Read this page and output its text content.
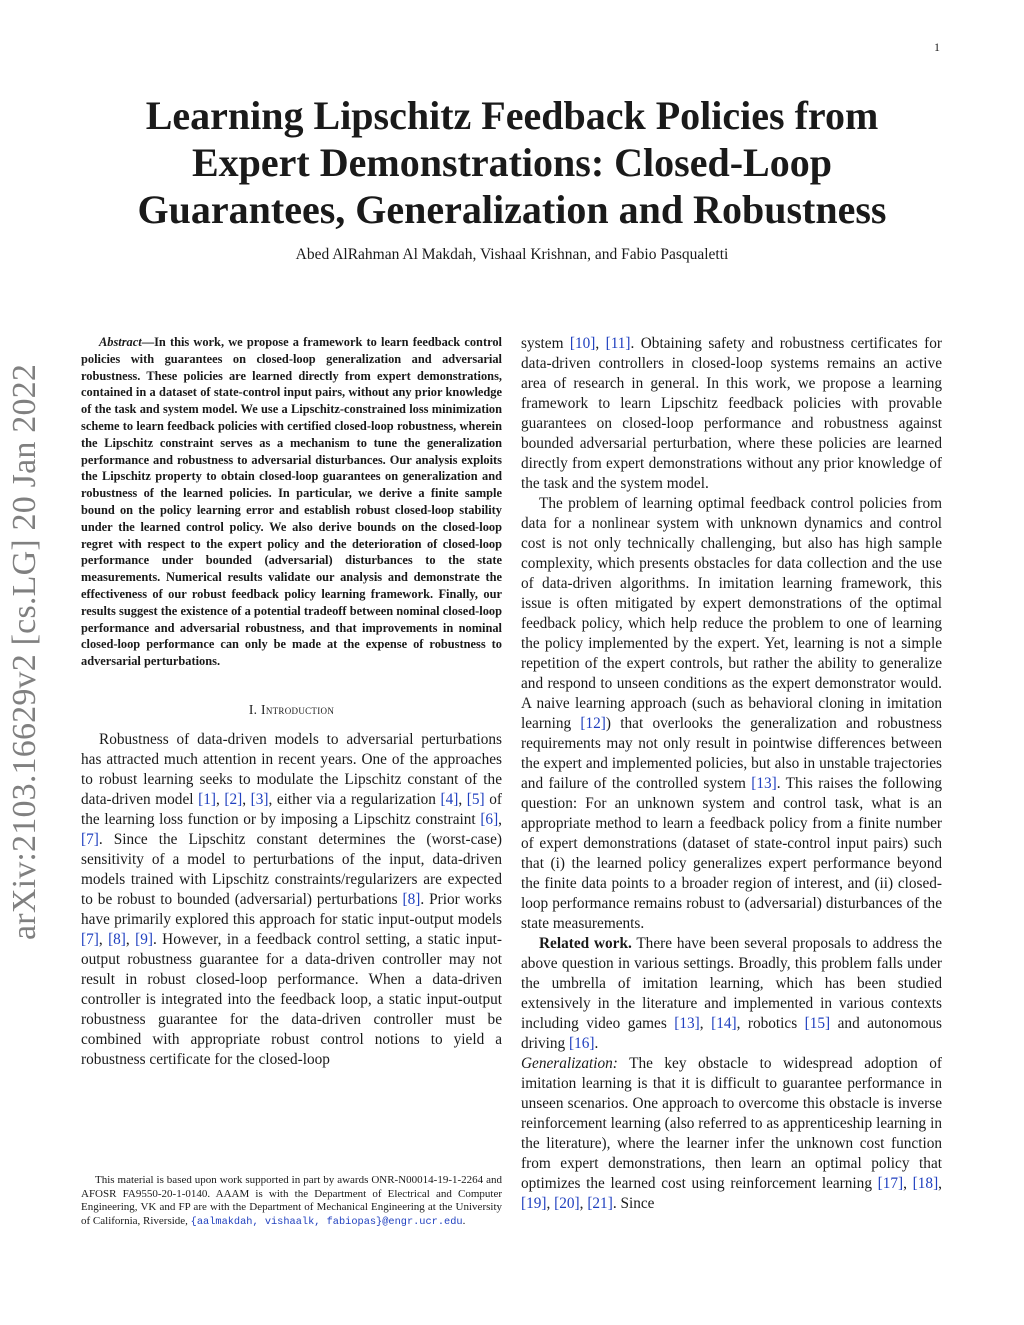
1
arXiv:2103.16629v2 [cs.LG] 20 Jan 2022
Learning Lipschitz Feedback Policies from
Expert Demonstrations: Closed-Loop
Guarantees, Generalization and Robustness
Abed AlRahman Al Makdah, Vishaal Krishnan, and Fabio Pasqualetti

Abstract—In this work, we propose a framework to learn feedback control policies with guarantees on closed-loop generalization and adversarial robustness. These policies are learned directly from expert demonstrations, contained in a dataset of state-control input pairs, without any prior knowledge of the task and system model. We use a Lipschitz-constrained loss minimization scheme to learn feedback policies with certified closed-loop robustness, wherein the Lipschitz constraint serves as a mechanism to tune the generalization performance and robustness to adversarial disturbances. Our analysis exploits the Lipschitz property to obtain closed-loop guarantees on generalization and robustness of the learned policies. In particular, we derive a finite sample bound on the policy learning error and establish robust closed-loop stability under the learned control policy. We also derive bounds on the closed-loop regret with respect to the expert policy and the deterioration of closed-loop performance under bounded (adversarial) disturbances to the state measurements. Numerical results validate our analysis and demonstrate the effectiveness of our robust feedback policy learning framework. Finally, our results suggest the existence of a potential tradeoff between nominal closed-loop performance and adversarial robustness, and that improvements in nominal closed-loop performance can only be made at the expense of robustness to adversarial perturbations.

I. Introduction

Robustness of data-driven models to adversarial perturbations has attracted much attention in recent years. One of the approaches to robust learning seeks to modulate the Lipschitz constant of the data-driven model [1], [2], [3], either via a regularization [4], [5] of the learning loss function or by imposing a Lipschitz constraint [6], [7]. Since the Lipschitz constant determines the (worst-case) sensitivity of a model to perturbations of the input, data-driven models trained with Lipschitz constraints/regularizers are expected to be robust to bounded (adversarial) perturbations [8]. Prior works have primarily explored this approach for static input-output models [7], [8], [9]. However, in a feedback control setting, a static input-output robustness guarantee for a data-driven controller may not result in robust closed-loop performance. When a data-driven controller is integrated into the feedback loop, a static input-output robustness guarantee for the data-driven controller must be combined with appropriate robust control notions to yield a robustness certificate for the closed-loop

This material is based upon work supported in part by awards ONR-N00014-19-1-2264 and AFOSR FA9550-20-1-0140. AAAM is with the Department of Electrical and Computer Engineering, VK and FP are with the Department of Mechanical Engineering at the University of California, Riverside, {aalmakdah, vishaalk, fabiopas}@engr.ucr.edu.

system [10], [11]. Obtaining safety and robustness certificates for data-driven controllers in closed-loop systems remains an active area of research in general. In this work, we propose a learning framework to learn Lipschitz feedback policies with provable guarantees on closed-loop performance and robustness against bounded adversarial perturbation, where these policies are learned directly from expert demonstrations without any prior knowledge of the task and the system model.

The problem of learning optimal feedback control policies from data for a nonlinear system with unknown dynamics and control cost is not only technically challenging, but also has high sample complexity, which presents obstacles for data collection and the use of data-driven algorithms. In imitation learning framework, this issue is often mitigated by expert demonstrations of the optimal feedback policy, which help reduce the problem to one of learning the policy implemented by the expert. Yet, learning is not a simple repetition of the expert controls, but rather the ability to generalize and respond to unseen conditions as the expert demonstrator would. A naive learning approach (such as behavioral cloning in imitation learning [12]) that overlooks the generalization and robustness requirements may not only result in pointwise differences between the expert and implemented policies, but also in unstable trajectories and failure of the controlled system [13]. This raises the following question: For an unknown system and control task, what is an appropriate method to learn a feedback policy from a finite number of expert demonstrations (dataset of state-control input pairs) such that (i) the learned policy generalizes expert performance beyond the finite data points to a broader region of interest, and (ii) closed-loop performance remains robust to (adversarial) disturbances of the state measurements.

Related work. There have been several proposals to address the above question in various settings. Broadly, this problem falls under the umbrella of imitation learning, which has been studied extensively in the literature and implemented in various contexts including video games [13], [14], robotics [15] and autonomous driving [16].

Generalization: The key obstacle to widespread adoption of imitation learning is that it is difficult to guarantee performance in unseen scenarios. One approach to overcome this obstacle is inverse reinforcement learning (also referred to as apprenticeship learning in the literature), where the learner infer the unknown cost function from expert demonstrations, then learn an optimal policy that optimizes the learned cost using reinforcement learning [17], [18], [19], [20], [21]. Since
